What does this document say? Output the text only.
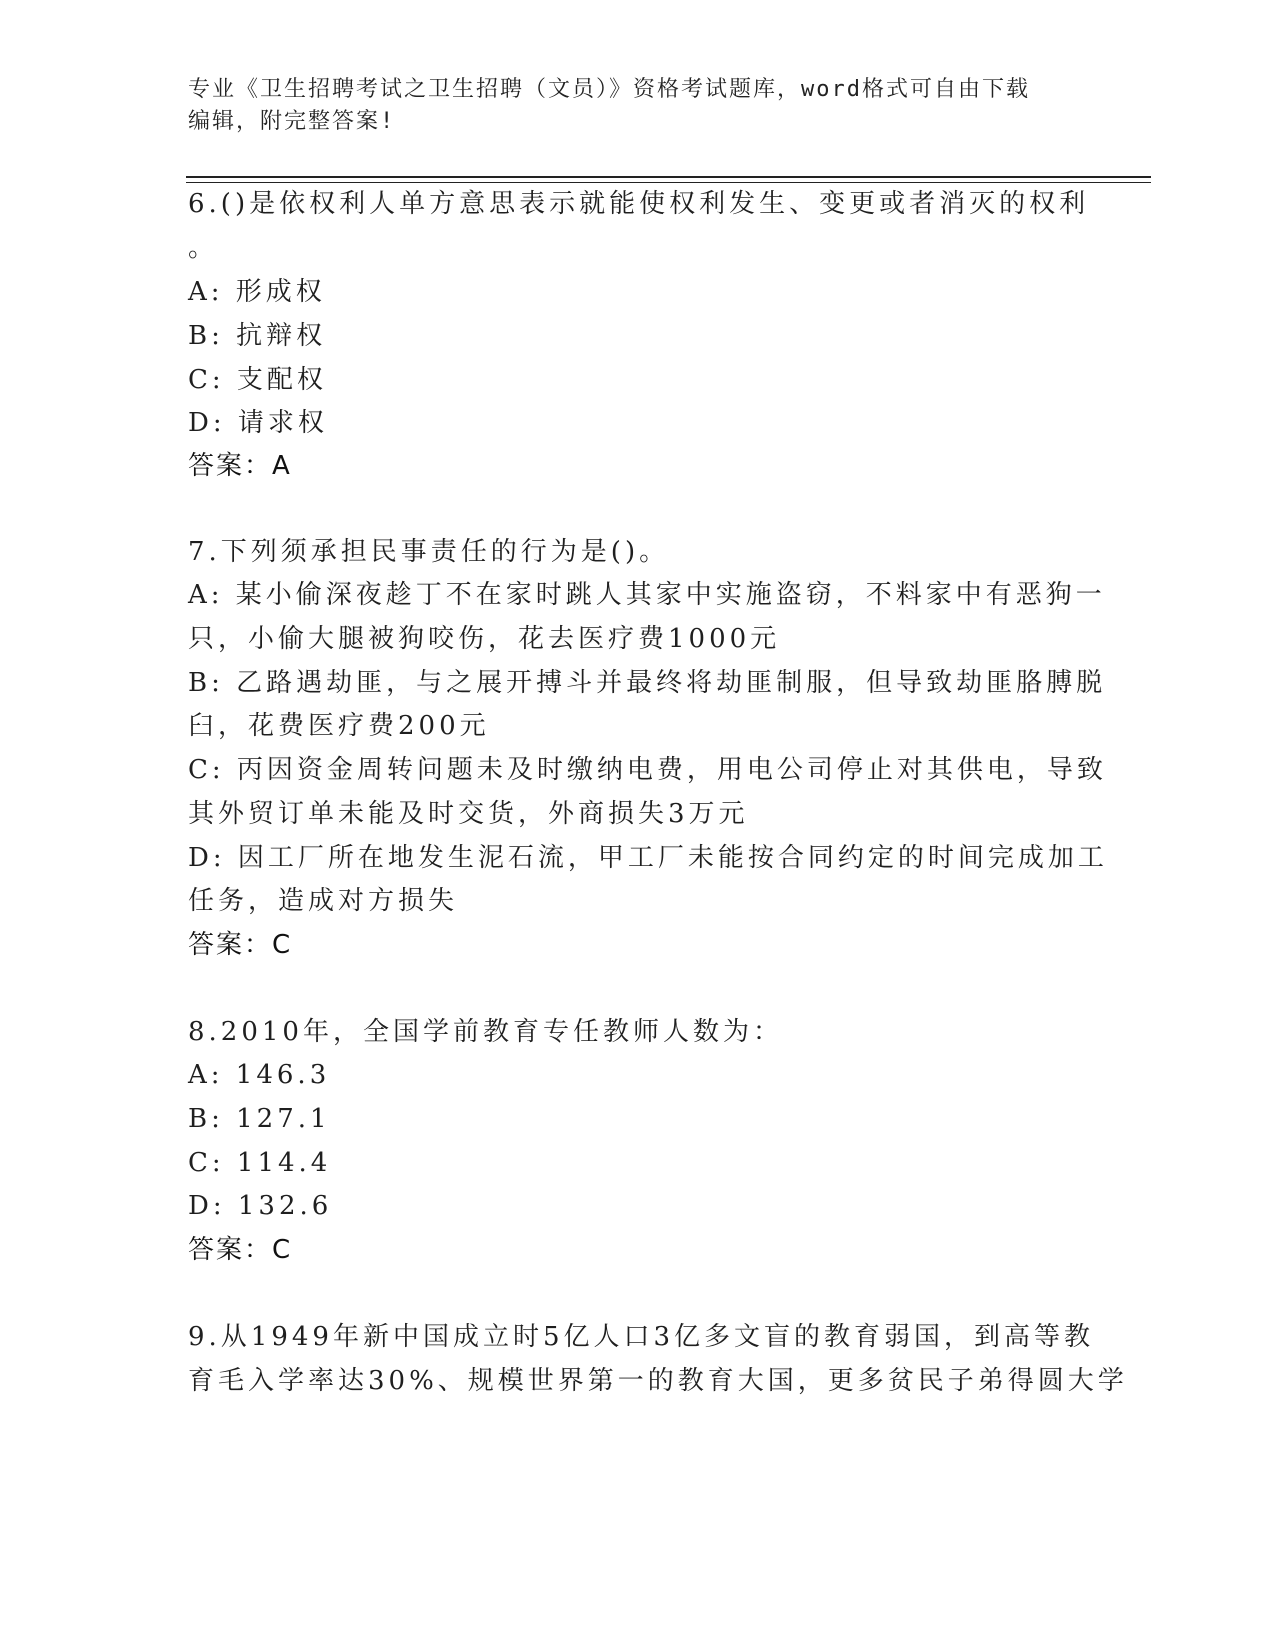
专业《卫生招聘考试之卫生招聘（文员）》资格考试题库，word格式可自由下载
编辑，附完整答案!
6.()是依权利人单方意思表示就能使权利发生、变更或者消灭的权利
。
A: 形成权
B: 抗辩权
C: 支配权
D: 请求权
答案：A
7.下列须承担民事责任的行为是()。
A: 某小偷深夜趁丁不在家时跳人其家中实施盗窃，不料家中有恶狗一
只，小偷大腿被狗咬伤，花去医疗费1000元
B: 乙路遇劫匪，与之展开搏斗并最终将劫匪制服，但导致劫匪胳膊脱
臼，花费医疗费200元
C: 丙因资金周转问题未及时缴纳电费，用电公司停止对其供电，导致
其外贸订单未能及时交货，外商损失3万元
D: 因工厂所在地发生泥石流，甲工厂未能按合同约定的时间完成加工
任务，造成对方损失
答案：C
8.2010年，全国学前教育专任教师人数为：
A: 146.3
B: 127.1
C: 114.4
D: 132.6
答案：C
9.从1949年新中国成立时5亿人口3亿多文盲的教育弱国，到高等教
育毛入学率达30%、规模世界第一的教育大国，更多贫民子弟得圆大学
